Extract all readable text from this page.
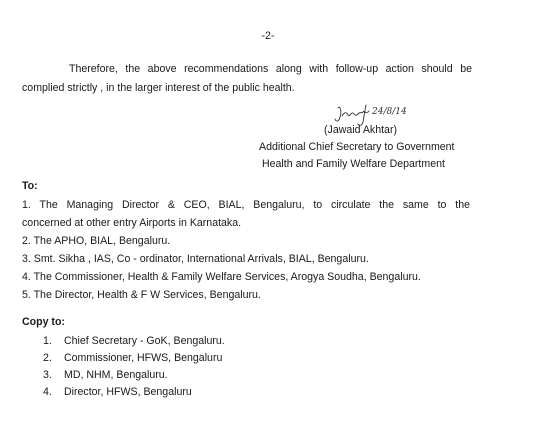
-2-
Therefore, the above recommendations along with follow-up action should be
complied strictly , in the larger interest of the public health.
24/8/14
(Jawaid Akhtar)
Additional Chief Secretary to Government
Health and Family Welfare Department
To:
1. The Managing Director & CEO, BIAL, Bengaluru, to circulate the same to the
concerned at other entry Airports in Karnataka.
2. The APHO, BIAL, Bengaluru.
3. Smt. Sikha , IAS, Co - ordinator, International Arrivals, BIAL, Bengaluru.
4. The Commissioner, Health & Family Welfare Services, Arogya Soudha, Bengaluru.
5. The Director, Health & F W Services, Bengaluru.
Copy to:
1. Chief Secretary - GoK, Bengaluru.
2. Commissioner, HFWS, Bengaluru
3. MD, NHM, Bengaluru.
4. Director, HFWS, Bengaluru
